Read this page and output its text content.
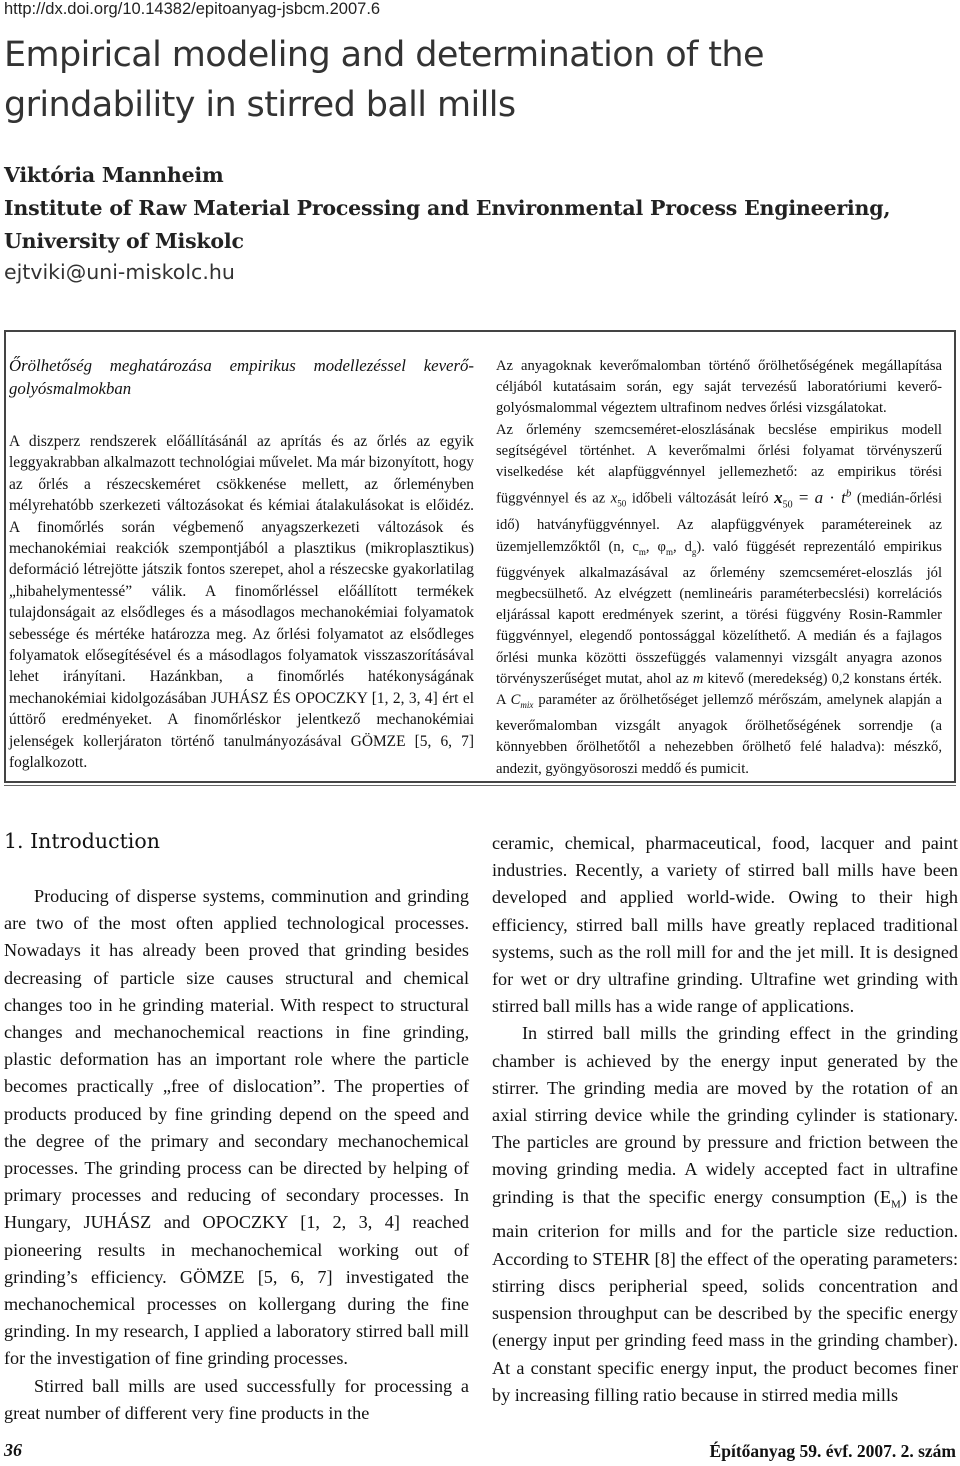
http://dx.doi.org/10.14382/epitoanyag-jsbcm.2007.6
Empirical modeling and determination of the grindability in stirred ball mills
Viktória Mannheim
Institute of Raw Material Processing and Environmental Process Engineering,
University of Miskolc
ejtviki@uni-miskolc.hu
Őrölhetőség meghatározása empirikus modellezéssel keverő-golyósmalmokban

A diszperz rendszerek előállításánál az aprítás és az őrlés az egyik leggyakrabban alkalmazott technológiai művelet. Ma már bizonyított, hogy az őrlés a részecskeméret csökkenése mellett, az őrleményben mélyrehatóbb szerkezeti változásokat és kémiai átalakulásokat is előidéz. A finomőrlés során végbemenő anyagszerkezeti változások és mechanokémiai reakciók szempontjából a plasztikus (mikroplasztikus) deformáció létrejötte játszik fontos szerepet, ahol a részecske gyakorlatilag „hibahelymentessé” válik. A finomőrléssel előállított termékek tulajdonságait az elsődleges és a másodlagos mechanokémiai folyamatok sebessége és mértéke határozza meg. Az őrlési folyamatot az elsődleges folyamatok elősegítésével és a másodlagos folyamatok visszaszorításával lehet irányítani. Hazánkban, a finomőrlés hatékonyságának mechanokémiai kidolgozásában JUHÁSZ ÉS OPOCZKY [1, 2, 3, 4] ért el úttörő eredményeket. A finomőrléskor jelentkező mechanokémiai jelenségek kollerjáraton történő tanulmányozásával GÖMZE [5, 6, 7] foglalkozott.

Az anyagoknak keverőmalomban történő őrölhetőségének megállapítása céljából kutatásaim során, egy saját tervezésű laboratóriumi keverő-golyósmalommal végeztem ultrafinom nedves őrlési vizsgálatokat.

Az őrlemény szemcseméret-eloszlásának becslése empirikus modell segítségével történhet. A keverőmalmi őrlési folyamat törvényszerű viselkedése két alapfüggvénnyel jellemezhető: az empirikus törési függvénnyel és az $x_{50}$ időbeli változását leíró $x_{50} = a \cdot t^b$ (medián-őrlési idő) hatványfüggvénnyel. Az alapfüggvények paramétereinek az üzemjellemzőktől (n, $c_m$, $\varphi_m$, $d_g$). való függését reprezentáló empirikus függvények alkalmazásával az őrlemény szemcseméret-eloszlás jól megbecsülhető. Az elvégzett (nemlineáris paraméterbecslési) korrelációs eljárással kapott eredmények szerint, a törési függvény Rosin-Rammler függvénnyel, elegendő pontossággal közelíthető. A medián és a fajlagos őrlési munka közötti összefüggés valamennyi vizsgált anyagra azonos törvényszerűséget mutat, ahol az m kitevő (meredekség) 0,2 konstans érték. A $C_{mix}$ paraméter az őrölhetőséget jellemző mérőszám, amelynek alapján a keverőmalomban vizsgált anyagok őrölhetőségének sorrendje (a könnyebben őrölhetőtől a nehezebben őrölhető felé haladva): mészkő, andezit, gyöngyösoroszi meddő és pumicit.

1. Introduction

Producing of disperse systems, comminution and grinding are two of the most often applied technological processes. Nowadays it has already been proved that grinding besides decreasing of particle size causes structural and chemical changes too in he grinding material. With respect to structural changes and mechanochemical reactions in fine grinding, plastic deformation has an important role where the particle becomes practically „free of dislocation”. The properties of products produced by fine grinding depend on the speed and the degree of the primary and secondary mechanochemical processes. The grinding process can be directed by helping of primary processes and reducing of secondary processes. In Hungary, JUHÁSZ and OPOCZKY [1, 2, 3, 4] reached pioneering results in mechanochemical working out of grinding’s efficiency. GÖMZE [5, 6, 7] investigated the mechanochemical processes on kollergang during the fine grinding. In my research, I applied a laboratory stirred ball mill for the investigation of fine grinding processes.

Stirred ball mills are used successfully for processing a great number of different very fine products in the

ceramic, chemical, pharmaceutical, food, lacquer and paint industries. Recently, a variety of stirred ball mills have been developed and applied world-wide. Owing to their high efficiency, stirred ball mills have greatly replaced traditional systems, such as the roll mill for and the jet mill. It is designed for wet or dry ultrafine grinding. Ultrafine wet grinding with stirred ball mills has a wide range of applications.

In stirred ball mills the grinding effect in the grinding chamber is achieved by the energy input generated by the stirrer. The grinding media are moved by the rotation of an axial stirring device while the grinding cylinder is stationary. The particles are ground by pressure and friction between the moving grinding media. A widely accepted fact in ultrafine grinding is that the specific energy consumption $(E_M)$ is the main criterion for mills and for the particle size reduction. According to STEHR [8] the effect of the operating parameters: stirring discs peripherial speed, solids concentration and suspension throughput can be described by the specific energy (energy input per grinding feed mass in the grinding chamber). At a constant specific energy input, the product becomes finer by increasing filling ratio because in stirred media mills

36	Építőanyag 59. évf. 2007. 2. szám
